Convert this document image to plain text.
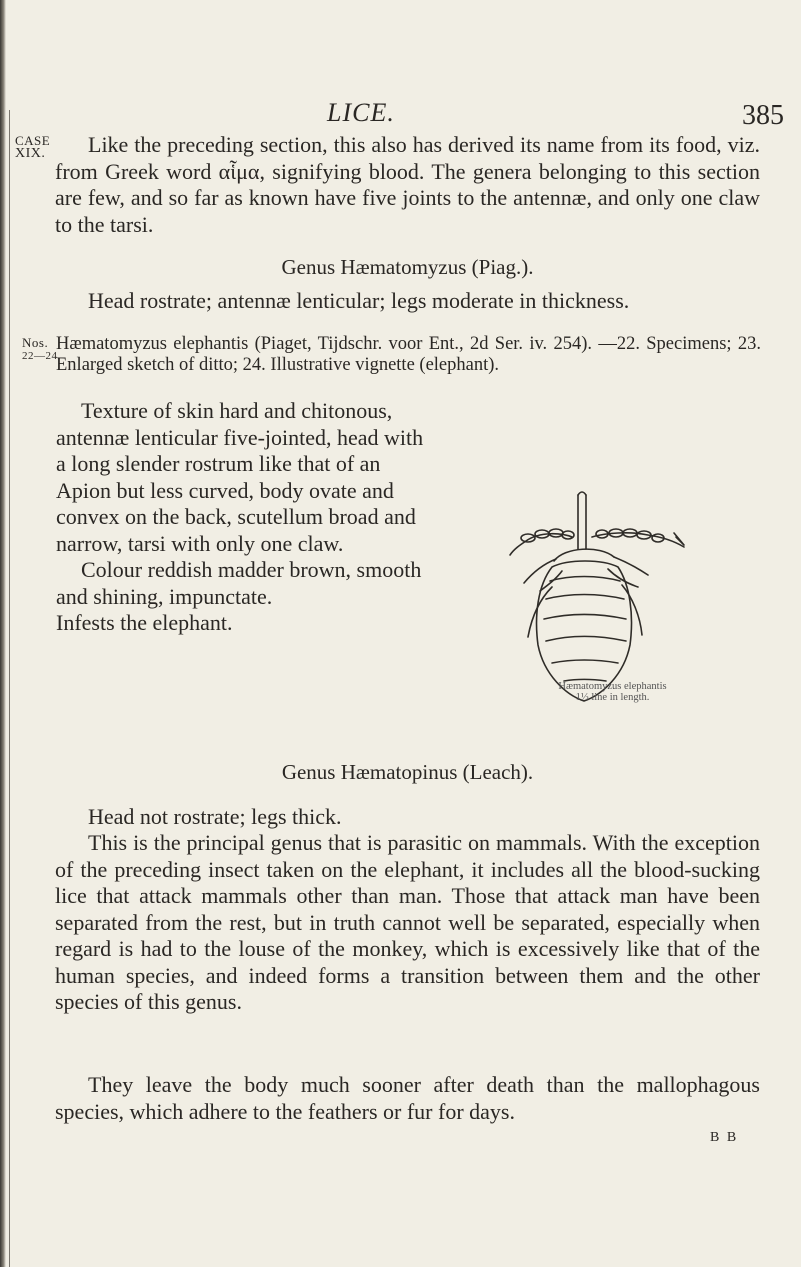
LICE.	385
CASE
XIX.	Like the preceding section, this also has derived its name from its food, viz. from Greek word αἷμα, signifying blood. The genera belonging to this section are few, and so far as known have five joints to the antennæ, and only one claw to the tarsi.

Genus Hæmatomyzus (Piag.).

Head rostrate; antennæ lenticular; legs moderate in thickness.

Nos.
22—24.

Hæmatomyzus elephantis (Piaget, Tijdschr. voor Ent., 2d Ser. iv. 254). —22. Specimens; 23. Enlarged sketch of ditto; 24. Illustrative vignette (elephant).

Texture of skin hard and chitonous,

antennæ lenticular five-jointed, head with

a long slender rostrum like that of an

Apion but less curved, body ovate and

convex on the back, scutellum broad and

narrow, tarsi with only one claw.

Colour reddish madder brown, smooth

and shining, impunctate.

Infests the elephant.

Hæmatomyzus elephantis
1½ line in length.
Genus Hæmatopinus (Leach).

Head not rostrate; legs thick.

This is the principal genus that is parasitic on mammals. With the exception of the preceding insect taken on the elephant, it includes all the blood-sucking lice that attack mammals other than man. Those that attack man have been separated from the rest, but in truth cannot well be separated, especially when regard is had to the louse of the monkey, which is excessively like that of the human species, and indeed forms a transition between them and the other species of this genus.

They leave the body much sooner after death than the mallophagous species, which adhere to the feathers or fur for days.

B B
